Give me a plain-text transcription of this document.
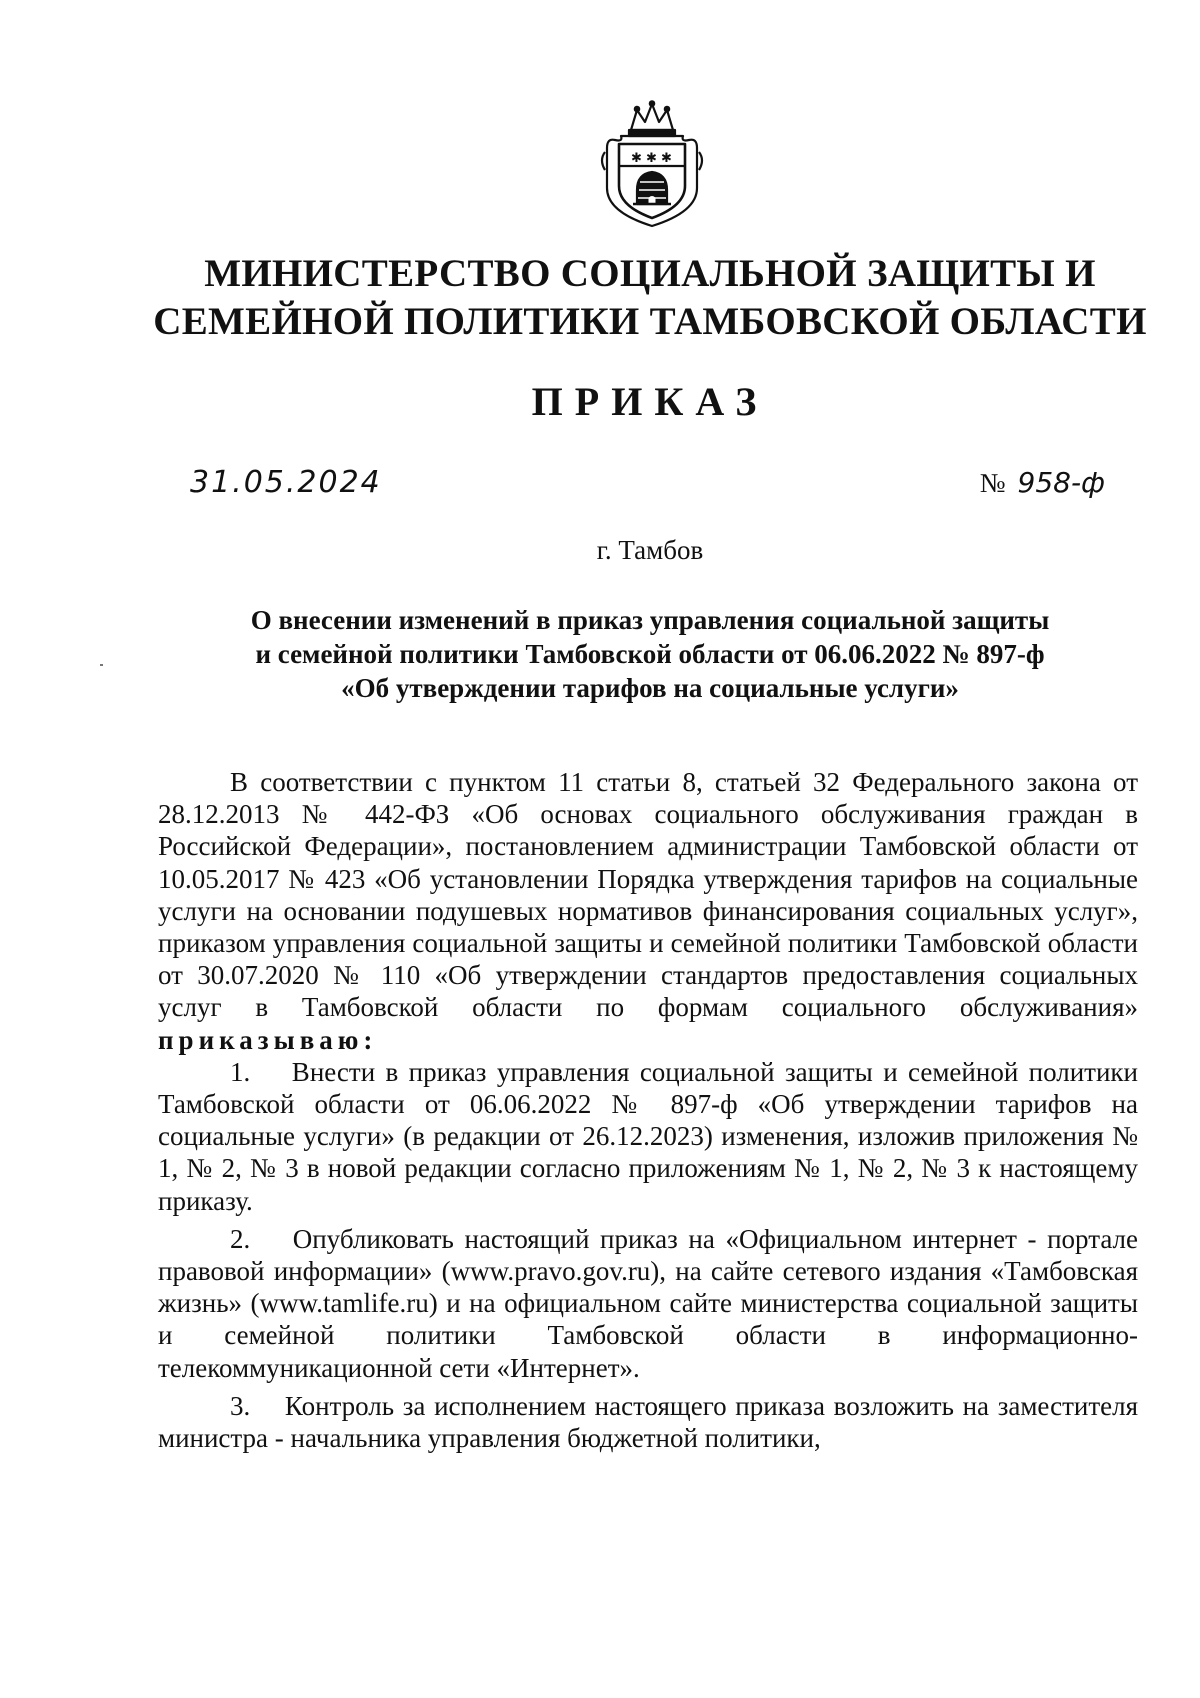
✱ ✱ ✱
МИНИСТЕРСТВО СОЦИАЛЬНОЙ ЗАЩИТЫ И
СЕМЕЙНОЙ ПОЛИТИКИ ТАМБОВСКОЙ ОБЛАСТИ
ПРИКАЗ
31.05.2024	№ 958-ф
г. Тамбов
О внесении изменений в приказ управления социальной защиты
и семейной политики Тамбовской области от 06.06.2022 № 897-ф
«Об утверждении тарифов на социальные услуги»

В соответствии с пунктом 11 статьи 8, статьей 32 Федерального закона от 28.12.2013 № 442-ФЗ «Об основах социального обслуживания граждан в Российской Федерации», постановлением администрации Тамбовской области от 10.05.2017 № 423 «Об установлении Порядка утверждения тарифов на социальные услуги на основании подушевых нормативов финансирования социальных услуг», приказом управления социальной защиты и семейной политики Тамбовской области от 30.07.2020 № 110 «Об утверждении стандартов предоставления социальных услуг в Тамбовской области по формам социального обслуживания» приказываю:

1.    Внести в приказ управления социальной защиты и семейной политики Тамбовской области от 06.06.2022 № 897-ф «Об утверждении тарифов на социальные услуги» (в редакции от 26.12.2023) изменения, изложив приложения № 1, № 2, № 3 в новой редакции согласно приложениям № 1, № 2, № 3 к настоящему приказу.

2.    Опубликовать настоящий приказ на «Официальном интернет - портале правовой информации» (www.pravo.gov.ru), на сайте сетевого издания «Тамбовская жизнь» (www.tamlife.ru) и на официальном сайте министерства социальной защиты и семейной политики Тамбовской области в информационно-телекоммуникационной сети «Интернет».

3.    Контроль за исполнением настоящего приказа возложить на заместителя министра - начальника управления бюджетной политики,
